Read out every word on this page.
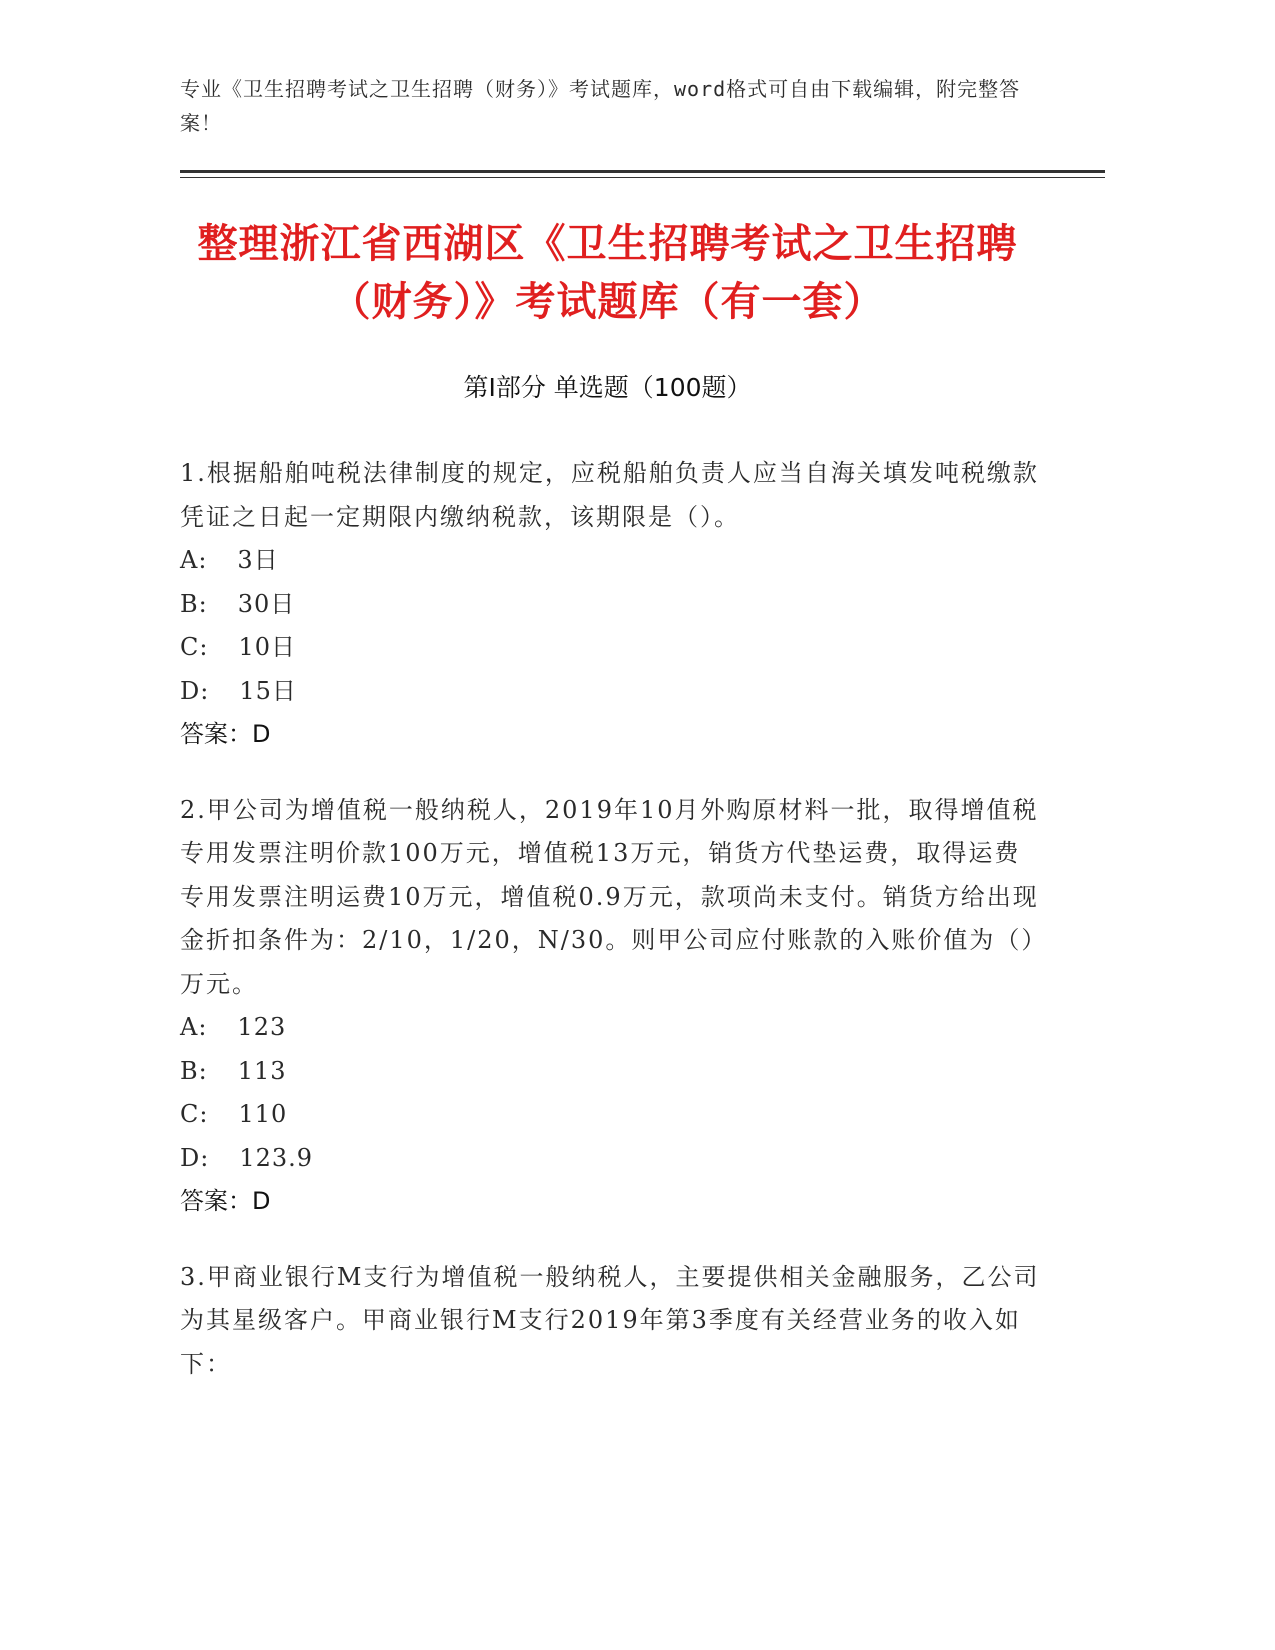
专业《卫生招聘考试之卫生招聘（财务）》考试题库，word格式可自由下载编辑，附完整答案！
整理浙江省西湖区《卫生招聘考试之卫生招聘（财务）》考试题库（有一套）
第Ⅰ部分 单选题（100题）
1.根据船舶吨税法律制度的规定，应税船舶负责人应当自海关填发吨税缴款凭证之日起一定期限内缴纳税款，该期限是（）。
A: 3日
B: 30日
C: 10日
D: 15日
答案：D
2.甲公司为增值税一般纳税人，2019年10月外购原材料一批，取得增值税专用发票注明价款100万元，增值税13万元，销货方代垫运费，取得运费专用发票注明运费10万元，增值税0.9万元，款项尚未支付。销货方给出现金折扣条件为：2/10，1/20，N/30。则甲公司应付账款的入账价值为（）万元。
A: 123
B: 113
C: 110
D: 123.9
答案：D
3.甲商业银行M支行为增值税一般纳税人，主要提供相关金融服务，乙公司为其星级客户。甲商业银行M支行2019年第3季度有关经营业务的收入如下：
